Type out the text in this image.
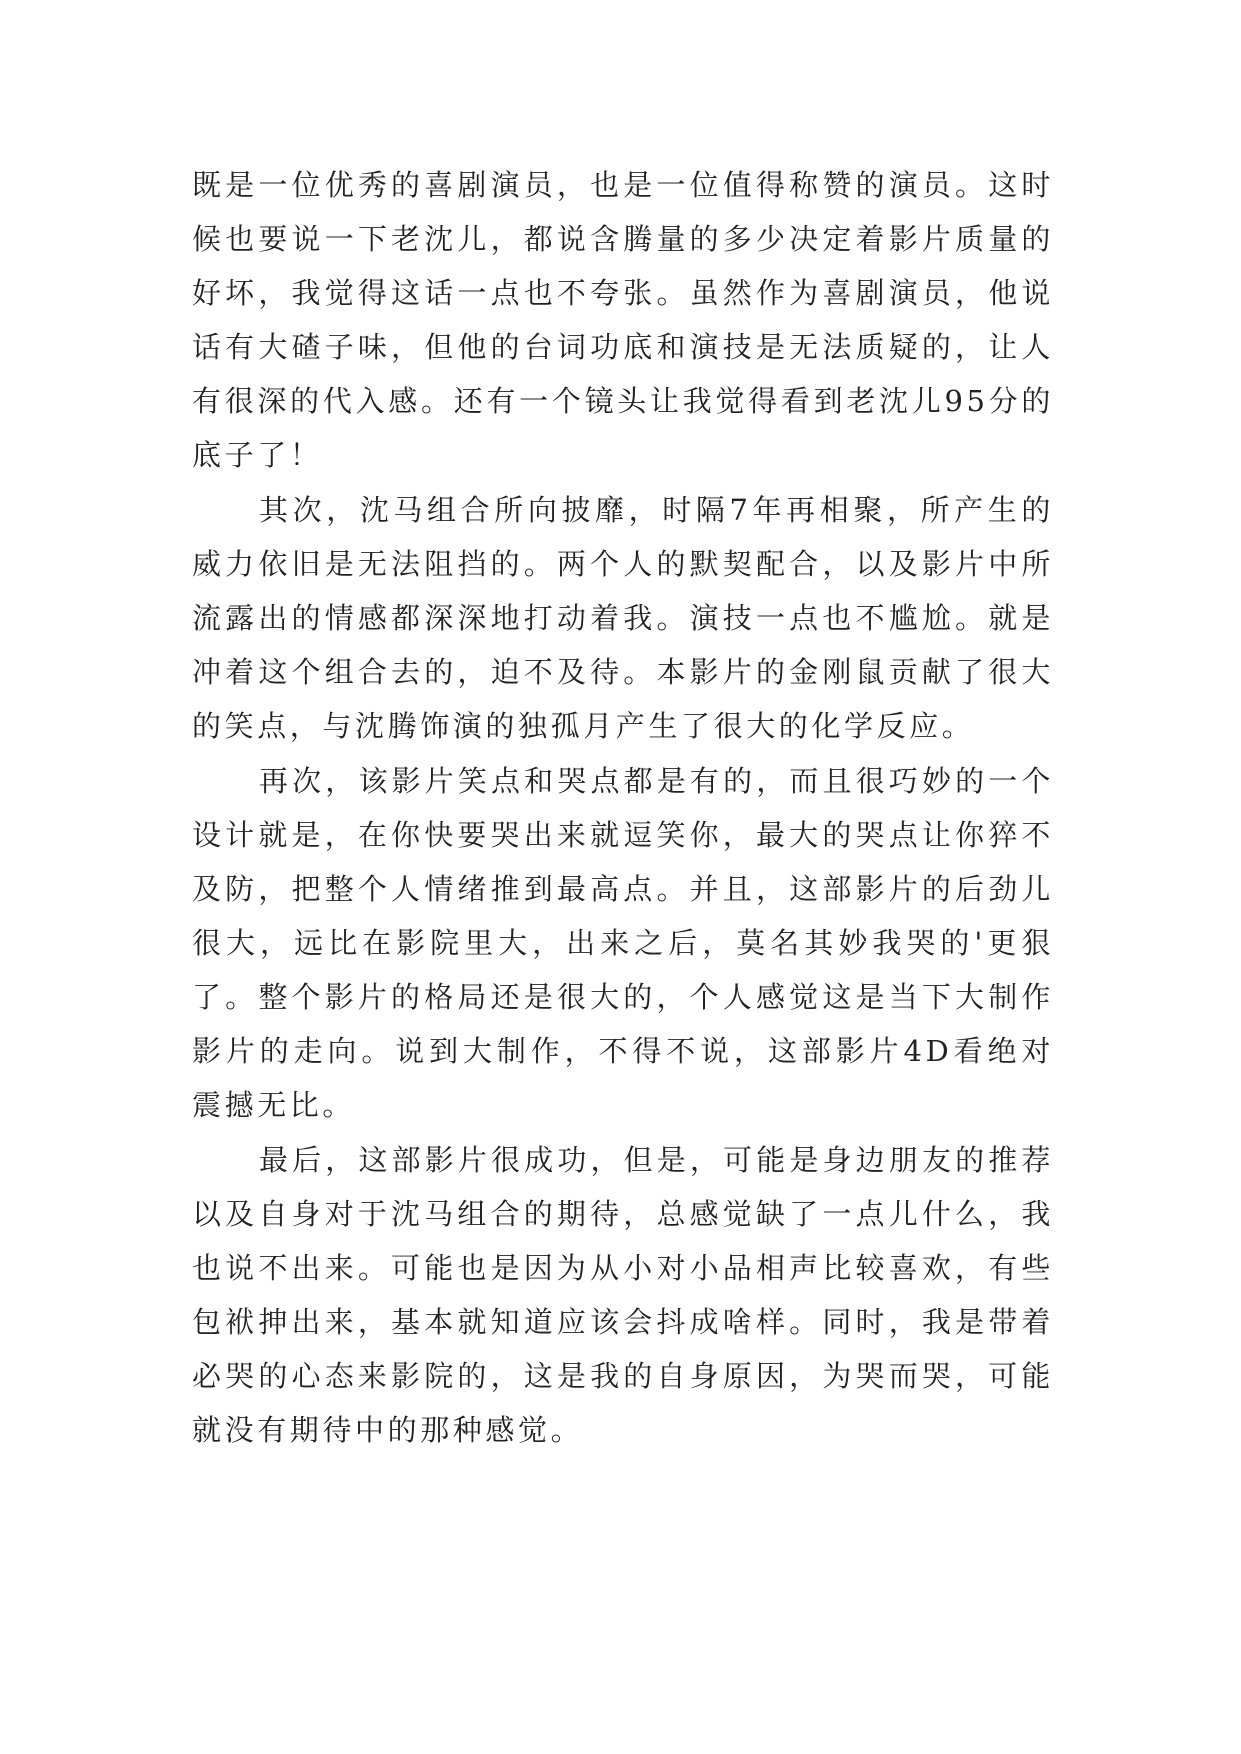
既是一位优秀的喜剧演员，也是一位值得称赞的演员。这时候也要说一下老沈儿，都说含腾量的多少决定着影片质量的好坏，我觉得这话一点也不夸张。虽然作为喜剧演员，他说话有大碴子味，但他的台词功底和演技是无法质疑的，让人有很深的代入感。还有一个镜头让我觉得看到老沈儿95分的底子了！

其次，沈马组合所向披靡，时隔7年再相聚，所产生的威力依旧是无法阻挡的。两个人的默契配合，以及影片中所流露出的情感都深深地打动着我。演技一点也不尴尬。就是冲着这个组合去的，迫不及待。本影片的金刚鼠贡献了很大的笑点，与沈腾饰演的独孤月产生了很大的化学反应。

再次，该影片笑点和哭点都是有的，而且很巧妙的一个设计就是，在你快要哭出来就逗笑你，最大的哭点让你猝不及防，把整个人情绪推到最高点。并且，这部影片的后劲儿很大，远比在影院里大，出来之后，莫名其妙我哭的'更狠了。整个影片的格局还是很大的，个人感觉这是当下大制作影片的走向。说到大制作，不得不说，这部影片4D看绝对震撼无比。

最后，这部影片很成功，但是，可能是身边朋友的推荐以及自身对于沈马组合的期待，总感觉缺了一点儿什么，我也说不出来。可能也是因为从小对小品相声比较喜欢，有些包袱抻出来，基本就知道应该会抖成啥样。同时，我是带着必哭的心态来影院的，这是我的自身原因，为哭而哭，可能就没有期待中的那种感觉。
